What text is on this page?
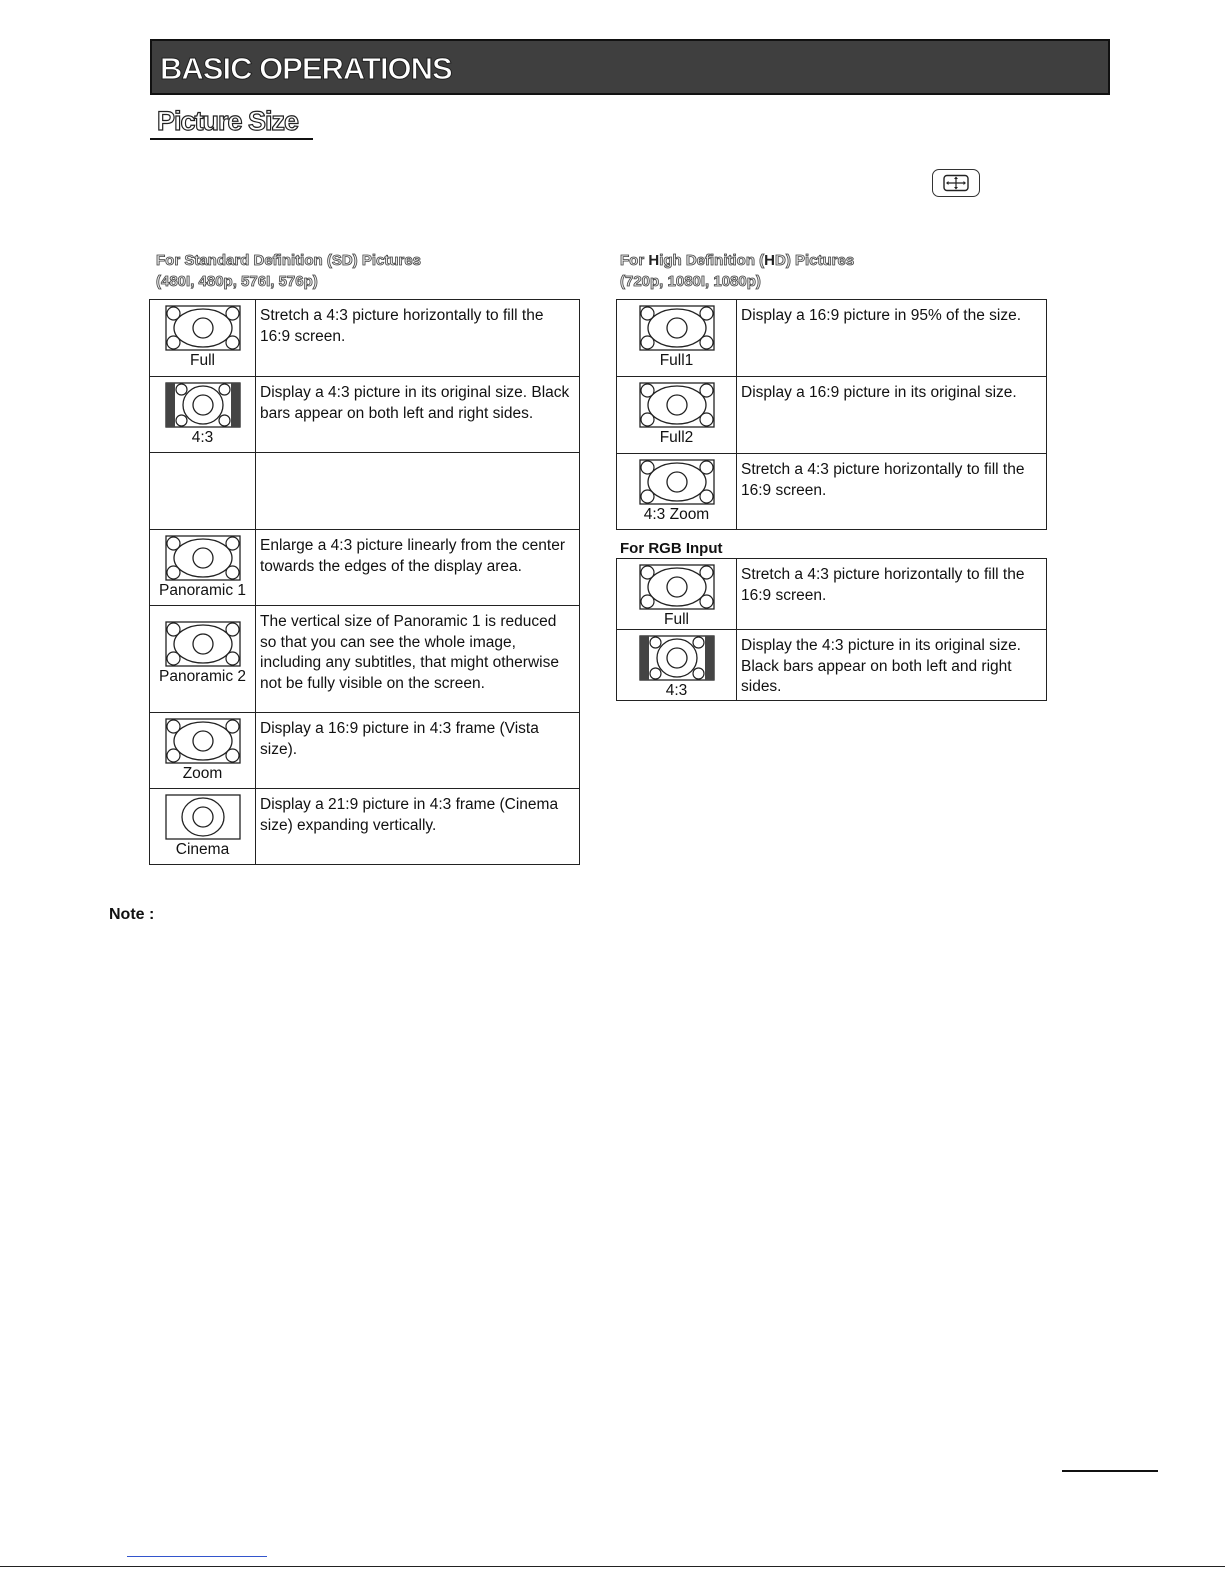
BASIC OPERATIONS
Picture Size
For Standard Definition (SD) Pictures
(480I, 480p, 576I, 576p)
Full	Stretch a 4:3 picture horizontally to fill the 16:9 screen.

4:3	Display a 4:3 picture in its original size. Black bars appear on both left and right sides.

Panoramic 1	Enlarge a 4:3 picture linearly from the center towards the edges of the display area.

Panoramic 2	The vertical size of Panoramic 1 is reduced so that you can see the whole image, including any subtitles, that might otherwise not be fully visible on the screen.

Zoom	Display a 16:9 picture in 4:3 frame (Vista size).

Cinema	Display a 21:9 picture in 4:3 frame (Cinema size) expanding vertically.
For High Definition (HD) Pictures
(720p, 1080I, 1080p)
Full1	Display a 16:9 picture in 95% of the size.

Full2	Display a 16:9 picture in its original size.

4:3 Zoom	Stretch a 4:3 picture horizontally to fill the 16:9 screen.
For RGB Input
Full	Stretch a 4:3 picture horizontally to fill the 16:9 screen.

4:3	Display the 4:3 picture in its original size. Black bars appear on both left and right sides.
Note :
